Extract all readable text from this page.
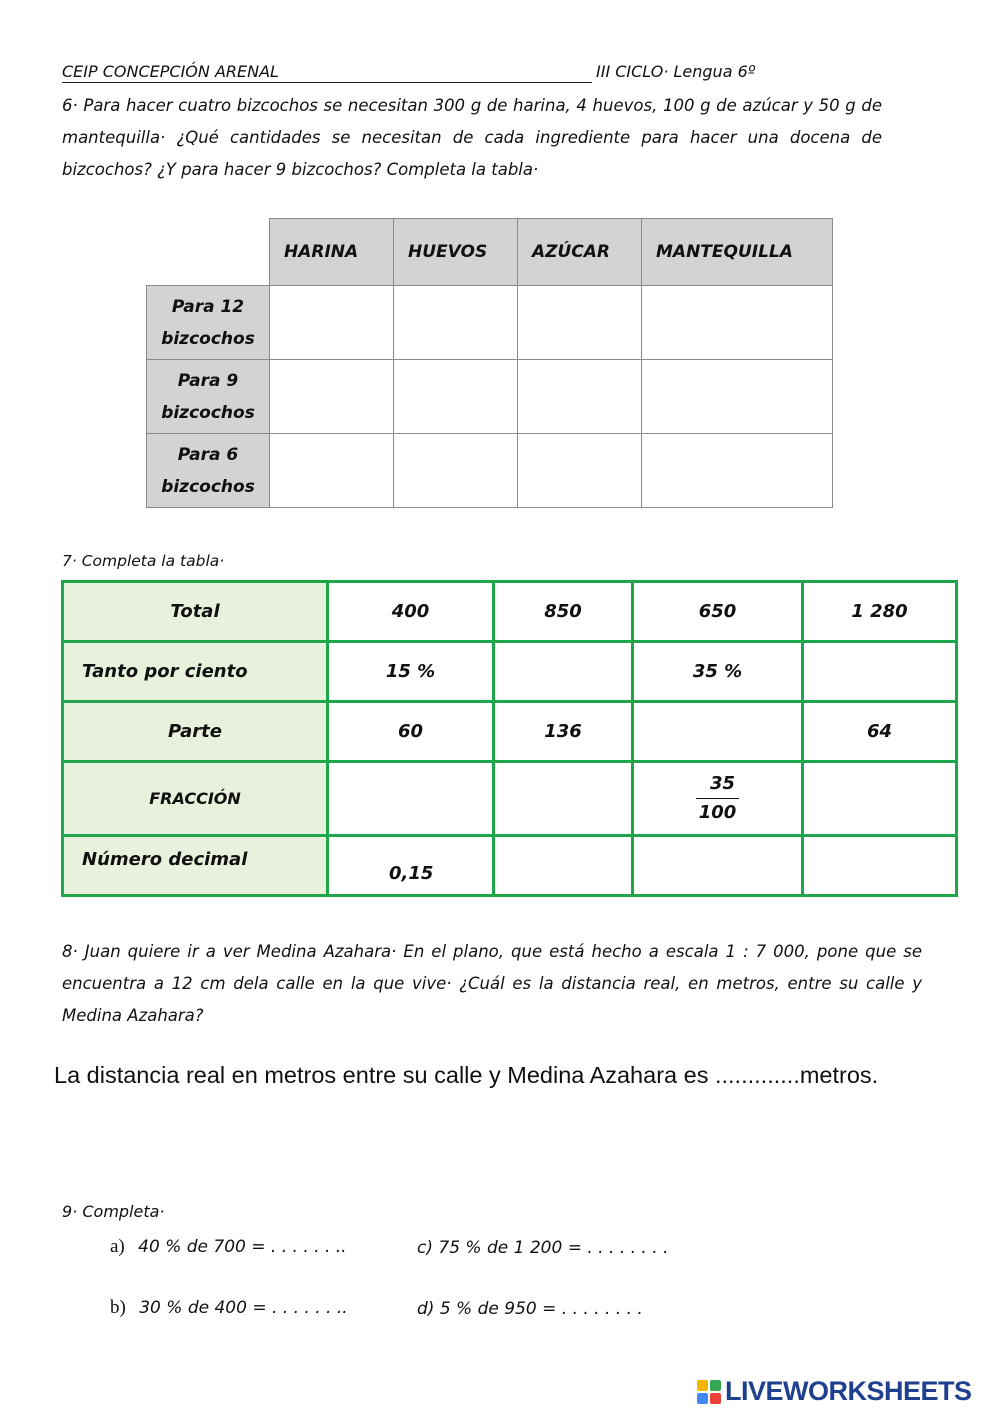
CEIP CONCEPCIÓN ARENAL	III CICLO· Lengua 6º
6· Para hacer cuatro bizcochos se necesitan 300 g de harina, 4 huevos, 100 g de azúcar y 50 g de mantequilla· ¿Qué cantidades se necesitan de cada ingrediente para hacer una docena de bizcochos? ¿Y para hacer 9 bizcochos? Completa la tabla·
	HARINA	HUEVOS	AZÚCAR	MANTEQUILLA

Para 12
bizcochos				

Para 9
bizcochos				

Para 6
bizcochos				

7· Completa la tabla·
Total	400	850	650	1 280
Tanto por ciento	15 %		35 %	
Parte	60	136		64
FRACCIÓN			$\frac{35}{100}$

Número decimal	0,15			
8· Juan quiere ir a ver Medina Azahara· En el plano, que está hecho a escala 1 : 7 000, pone que se encuentra a 12 cm dela calle en la que vive· ¿Cuál es la distancia real, en metros, entre su calle y Medina Azahara?
La distancia real en metros entre su calle y Medina Azahara es .............metros.
9· Completa·
a) 40 % de 700 = . . . . . . ..	c) 75 % de 1 200 = . . . . . . . .
b) 30 % de 400 = . . . . . . ..	d) 5 % de 950 = . . . . . . . .
LIVEWORKSHEETS
